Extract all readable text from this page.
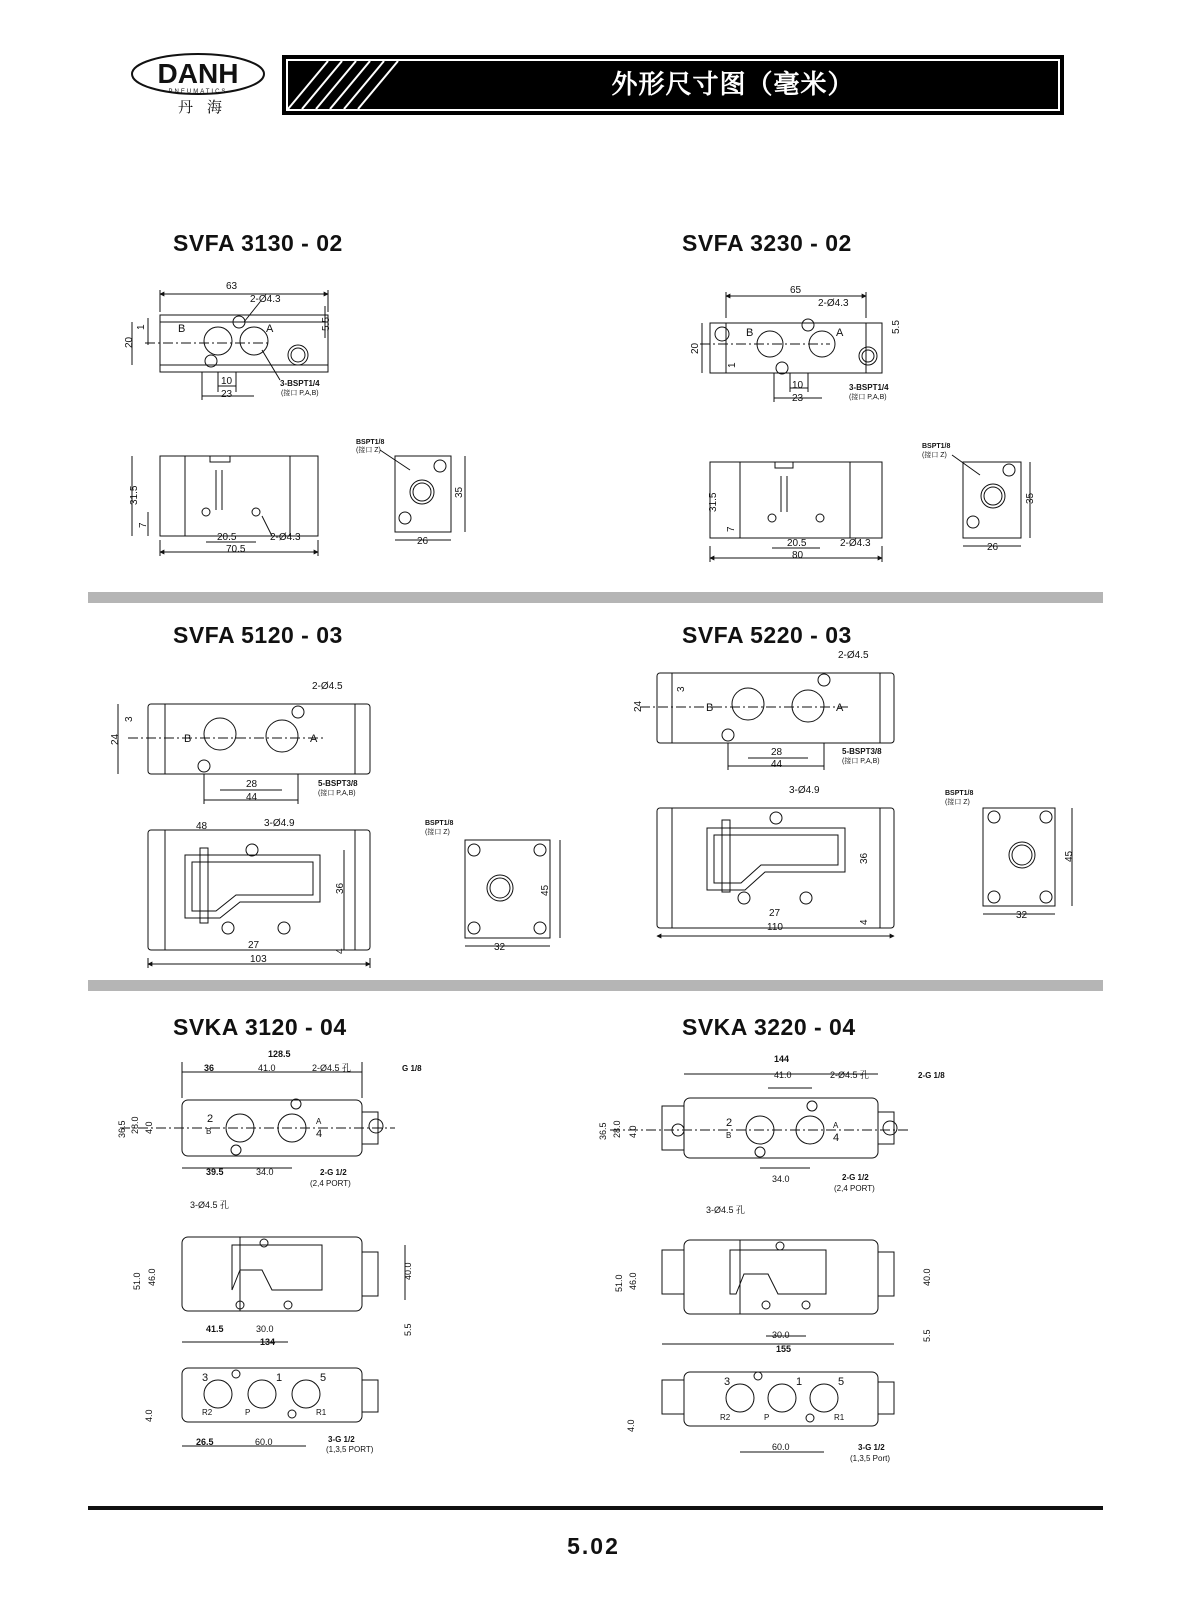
DANH
PNEUMATICS
丹海
外形尺寸图（毫米）
SVFA 3130 - 02	SVFA 3230 - 02
SVFA 5120 - 03	SVFA 5220 - 03
SVKA 3120 - 04	SVKA 3220 - 04
63
2-Ø4.3
B	A
1
20
5.5
10
23
3-BSPT1/4
(接口 P,A,B)
31.5
7
20.5	2-Ø4.3
70.5
BSPT1/8
(接口 Z)
35
26
65
2-Ø4.3
B	A
1
20
5.5
10
23
3-BSPT1/4
(接口 P,A,B)
31.5
7
20.5	2-Ø4.3
80
BSPT1/8
(接口 Z)
35
26
2-Ø4.5
3
24	B	A
28
44
5-BSPT3/8
(接口 P,A,B)
48	3-Ø4.9
36
4
27
103
BSPT1/8
(接口 Z)
45
32
2-Ø4.5
3
24	B	A
28
44
5-BSPT3/8
(接口 P,A,B)
3-Ø4.9
36
4
27
110
BSPT1/8
(接口 Z)
45
32
128.5
36	41.0	2-Ø4.5 孔	G 1/8
36.5 28.0 4.0
2
B
A
4
39.5	34.0	2-G 1/2
(2,4 PORT)
3-Ø4.5 孔
51.0 46.0	40.0
5.5
41.5	30.0
134
3	1	5
R2	P	R1
4.0
26.5	60.0	3-G 1/2
(1,3,5 PORT)
144
41.0	2-Ø4.5 孔	2-G 1/8
36.5 28.0 4.0
2
B
A
4
34.0	2-G 1/2
(2,4 PORT)
3-Ø4.5 孔
51.0 46.0	40.0
5.5
30.0
155
3	1	5
R2	P	R1
4.0
60.0	3-G 1/2
(1,3,5 Port)
5.02
